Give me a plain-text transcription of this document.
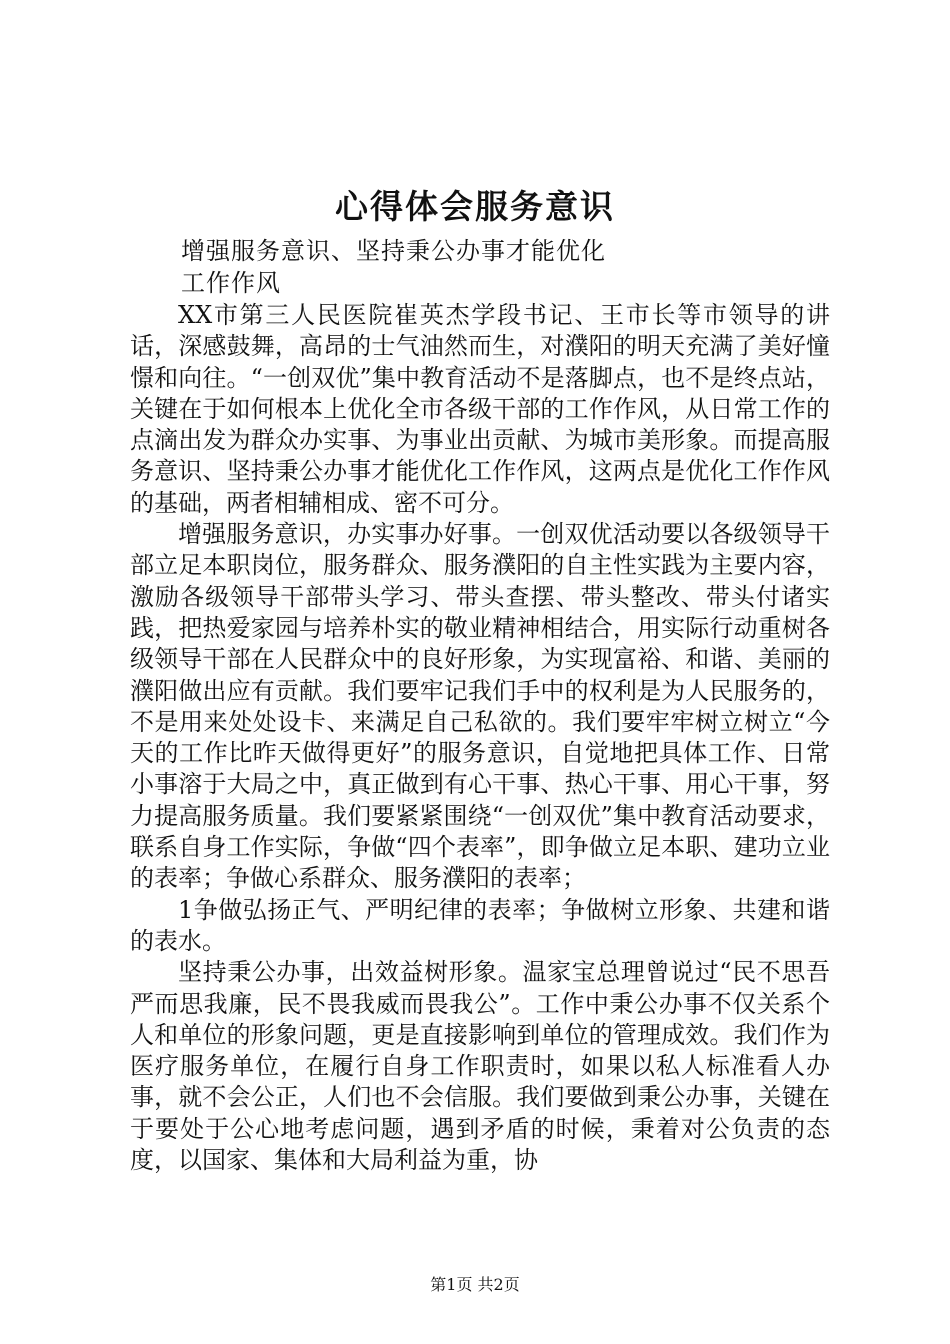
心得体会服务意识
增强服务意识、坚持秉公办事才能优化
工作作风

XX市第三人民医院崔英杰学段书记、王市长等市领导的讲话，深感鼓舞，高昂的士气油然而生，对濮阳的明天充满了美好憧憬和向往。“一创双优”集中教育活动不是落脚点，也不是终点站，关键在于如何根本上优化全市各级干部的工作作风，从日常工作的点滴出发为群众办实事、为事业出贡献、为城市美形象。而提高服务意识、坚持秉公办事才能优化工作作风，这两点是优化工作作风的基础，两者相辅相成、密不可分。

增强服务意识，办实事办好事。一创双优活动要以各级领导干部立足本职岗位，服务群众、服务濮阳的自主性实践为主要内容，激励各级领导干部带头学习、带头查摆、带头整改、带头付诸实践，把热爱家园与培养朴实的敬业精神相结合，用实际行动重树各级领导干部在人民群众中的良好形象，为实现富裕、和谐、美丽的濮阳做出应有贡献。我们要牢记我们手中的权利是为人民服务的，不是用来处处设卡、来满足自己私欲的。我们要牢牢树立树立“今天的工作比昨天做得更好”的服务意识，自觉地把具体工作、日常小事溶于大局之中，真正做到有心干事、热心干事、用心干事，努力提高服务质量。我们要紧紧围绕“一创双优”集中教育活动要求，联系自身工作实际，争做“四个表率”，即争做立足本职、建功立业的表率；争做心系群众、服务濮阳的表率；

1争做弘扬正气、严明纪律的表率；争做树立形象、共建和谐的表水。

坚持秉公办事，出效益树形象。温家宝总理曾说过“民不思吾严而思我廉，民不畏我威而畏我公”。工作中秉公办事不仅关系个人和单位的形象问题，更是直接影响到单位的管理成效。我们作为医疗服务单位，在履行自身工作职责时，如果以私人标准看人办事，就不会公正，人们也不会信服。我们要做到秉公办事，关键在于要处于公心地考虑问题，遇到矛盾的时候，秉着对公负责的态度，以国家、集体和大局利益为重，协

第1页 共2页
